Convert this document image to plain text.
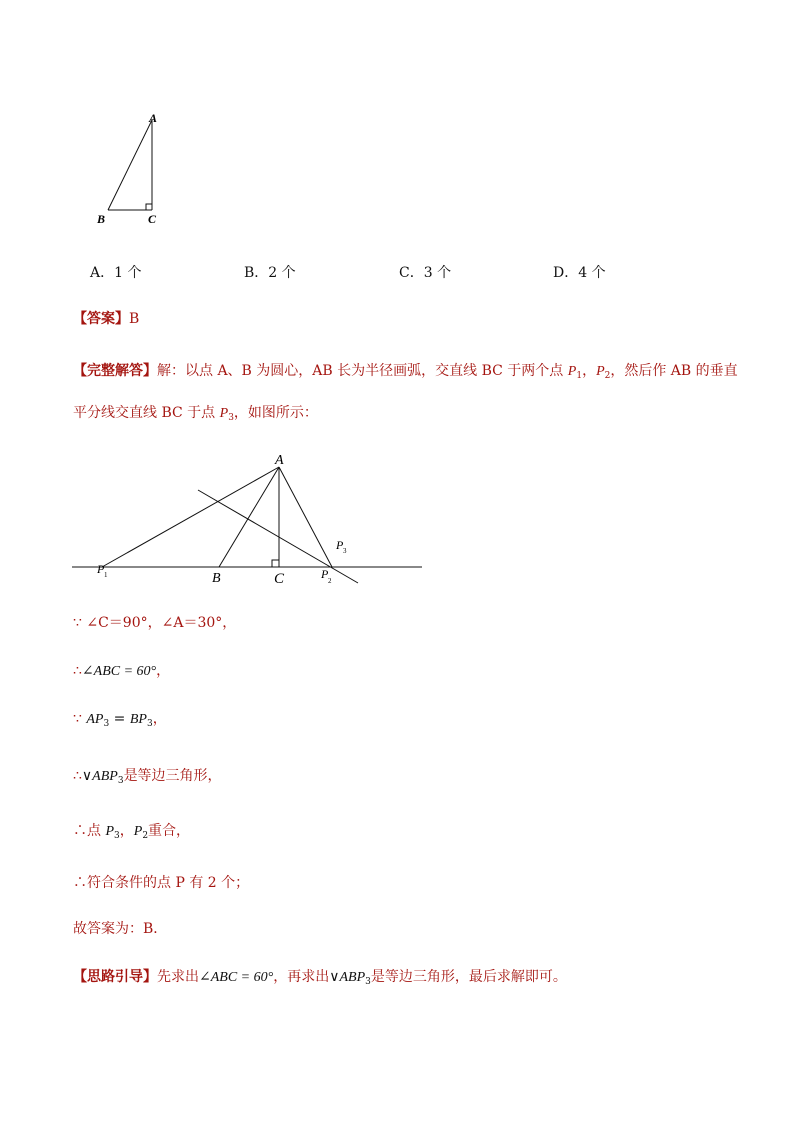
A
B	C
A．1 个	B．2 个	C．3 个	D．4 个
【答案】B
【完整解答】解：以点 A、B 为圆心，AB 长为半径画弧，交直线 BC 于两个点 $P_1$，$P_2$，然后作 AB 的垂直
平分线交直线 BC 于点 $P_3$，如图所示：
A
B	C
P 1	P 2
P 3
∵ ∠C＝90°，∠A＝30°，
∴∠ABC = 60°，
∵ $AP_3 = BP_3$，
$\therefore\vee ABP_3$是等边三角形，
∴点 $P_3$，$P_2$重合，
∴符合条件的点 P 有 2 个；
故答案为：B．
【思路引导】先求出∠ABC = 60°，再求出$\vee ABP_3$是等边三角形，最后求解即可。
